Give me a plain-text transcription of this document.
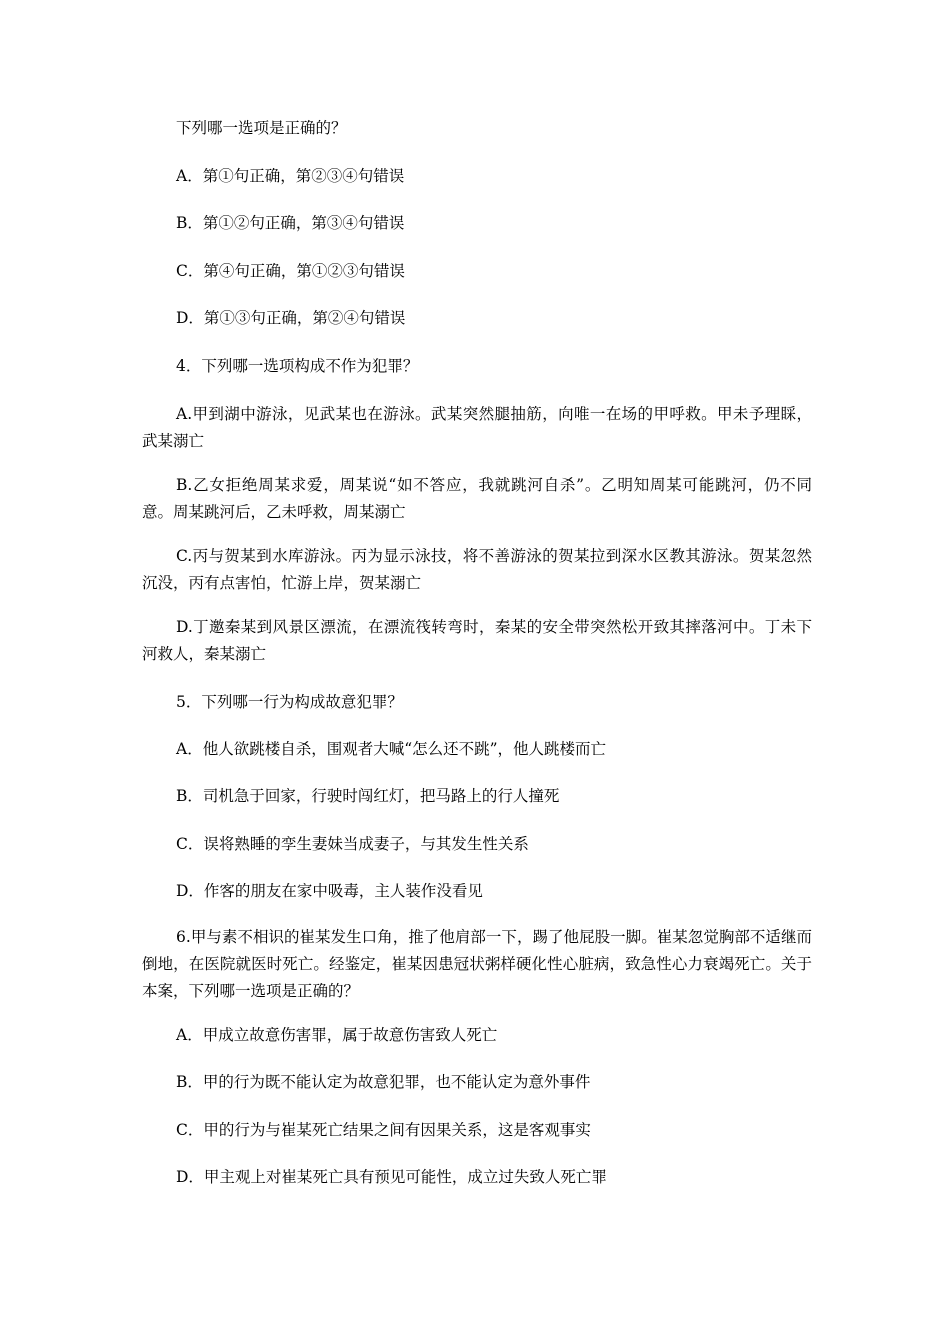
下列哪一选项是正确的？
A．第①句正确，第②③④句错误
B．第①②句正确，第③④句错误
C．第④句正确，第①②③句错误
D．第①③句正确，第②④句错误
4．下列哪一选项构成不作为犯罪？
A.甲到湖中游泳，见武某也在游泳。武某突然腿抽筋，向唯一在场的甲呼救。甲未予理睬，武某溺亡
B.乙女拒绝周某求爱，周某说“如不答应，我就跳河自杀”。乙明知周某可能跳河，仍不同意。周某跳河后，乙未呼救，周某溺亡
C.丙与贺某到水库游泳。丙为显示泳技，将不善游泳的贺某拉到深水区教其游泳。贺某忽然沉没，丙有点害怕，忙游上岸，贺某溺亡
D.丁邀秦某到风景区漂流，在漂流筏转弯时，秦某的安全带突然松开致其摔落河中。丁未下河救人，秦某溺亡
5．下列哪一行为构成故意犯罪？
A．他人欲跳楼自杀，围观者大喊“怎么还不跳”，他人跳楼而亡
B．司机急于回家，行驶时闯红灯，把马路上的行人撞死
C．误将熟睡的孪生妻妹当成妻子，与其发生性关系
D．作客的朋友在家中吸毒，主人装作没看见
6.甲与素不相识的崔某发生口角，推了他肩部一下，踢了他屁股一脚。崔某忽觉胸部不适继而倒地，在医院就医时死亡。经鉴定，崔某因患冠状粥样硬化性心脏病，致急性心力衰竭死亡。关于本案，下列哪一选项是正确的？
A．甲成立故意伤害罪，属于故意伤害致人死亡
B．甲的行为既不能认定为故意犯罪，也不能认定为意外事件
C．甲的行为与崔某死亡结果之间有因果关系，这是客观事实
D．甲主观上对崔某死亡具有预见可能性，成立过失致人死亡罪
